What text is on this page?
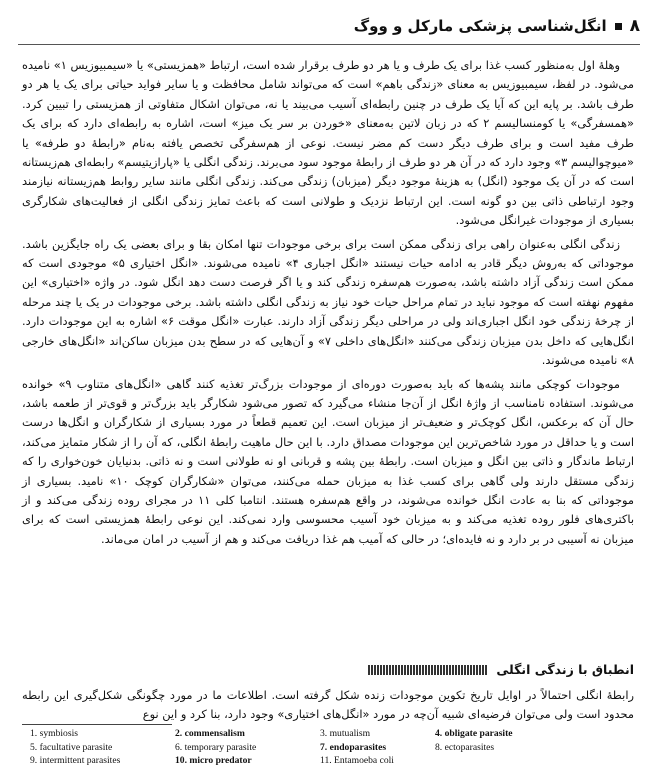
۸
انگل‌شناسی پزشکی مارکل و ووگ

وهلهٔ اول به‌منظور کسب غذا برای یک طرف و یا هر دو طرف برقرار شده است، ارتباط «همزیستی» یا «سیمبیوزیس ۱» نامیده می‌شود. در لفظ، سیمبیوزیس به معنای «زندگی باهم» است که می‌تواند شامل محافظت و یا سایر فواید حیاتی برای یک یا هر دو طرف باشد. بر پایه این که آیا یک طرف در چنین رابطه‌ای آسیب می‌بیند یا نه، می‌توان اشکال متفاوتی از همزیستی را تبیین کرد. «همسفرگی» یا کومنسالیسم ۲ که در زبان لاتین به‌معنای «خوردن بر سر یک میز» است، اشاره به رابطه‌ای دارد که برای یک طرف مفید است و برای طرف دیگر دست کم مضر نیست. نوعی از هم‌سفرگی تخصص یافته به‌نام «رابطهٔ دو طرفه» یا «میوچوالیسم ۳» وجود دارد که در آن هر دو طرف از رابطهٔ موجود سود می‌برند. زندگی انگلی یا «پارازیتیسم» رابطه‌ای هم‌زیستانه است که در آن یک موجود (انگل) به هزینهٔ موجود دیگر (میزبان) زندگی می‌کند. زندگی انگلی مانند سایر روابط هم‌زیستانه نیازمند وجود ارتباطی ذاتی بین دو گونه است. این ارتباط نزدیک و طولانی است که باعث تمایز زندگی انگلی از فعالیت‌های شکارگری بسیاری از موجودات غیرانگل می‌شود.

زندگی انگلی به‌عنوان راهی برای زندگی ممکن است برای برخی موجودات تنها امکان بقا و برای بعضی یک راه جایگزین باشد. موجوداتی که به‌روش دیگر قادر به ادامه حیات نیستند «انگل اجباری ۴» نامیده می‌شوند. «انگل اختیاری ۵» موجودی است که ممکن است زندگی آزاد داشته باشد، به‌صورت هم‌سفره زندگی کند و یا اگر فرصت دست دهد انگل شود. در واژه «اختیاری» این مفهوم نهفته است که موجود نباید در تمام مراحل حیات خود نیاز به زندگی انگلی داشته باشد. برخی موجودات در یک یا چند مرحله از چرخهٔ زندگی خود انگل اجباری‌اند ولی در مراحلی دیگر زندگی آزاد دارند. عبارت «انگل موقت ۶» اشاره به این موجودات دارد. انگل‌هایی که داخل بدن میزبان زندگی می‌کنند «انگل‌های داخلی ۷» و آن‌هایی که در سطح بدن میزبان ساکن‌اند «انگل‌های خارجی ۸» نامیده می‌شوند.

موجودات کوچکی مانند پشه‌ها که باید به‌صورت دوره‌ای از موجودات بزرگ‌تر تغذیه کنند گاهی «انگل‌های متناوب ۹» خوانده می‌شوند. استفاده نامناسب از واژهٔ انگل از آن‌جا منشاء می‌گیرد که تصور می‌شود شکارگر باید بزرگ‌تر و قوی‌تر از طعمه باشد، حال آن که برعکس، انگل کوچک‌تر و ضعیف‌تر از میزبان است. این تعمیم قطعاً در مورد بسیاری از شکارگران و انگل‌ها درست است و یا حداقل در مورد شاخص‌ترین این موجودات مصداق دارد. با این حال ماهیت رابطهٔ انگلی، که آن را از شکار متمایز می‌کند، ارتباط ماندگار و ذاتی بین انگل و میزبان است. رابطهٔ بین پشه و قربانی او نه طولانی است و نه ذاتی. بدنیایان خون‌خواری را که زندگی مستقل دارند ولی گاهی برای کسب غذا به میزبان حمله می‌کنند، می‌توان «شکارگران کوچک ۱۰» نامید. بسیاری از موجوداتی که بنا به عادت انگل خوانده می‌شوند، در واقع هم‌سفره هستند. انتامبا کلی ۱۱ در مجرای روده زندگی می‌کند و از باکتری‌های فلور روده تغذیه می‌کند و به میزبان خود آسیب محسوسی وارد نمی‌کند. این نوعی رابطهٔ همزیستی است که برای میزبان نه آسیبی در بر دارد و نه فایده‌ای؛ در حالی که آمیب هم غذا دریافت می‌کند و هم از آسیب در امان می‌ماند.

انطباق با زندگی انگلی
رابطهٔ انگلی احتمالاً در اوایل تاریخ تکوین موجودات زنده شکل گرفته است. اطلاعات ما در مورد چگونگی شکل‌گیری این رابطه محدود است ولی می‌توان فرضیه‌ای شبیه آن‌چه در مورد «انگل‌های اختیاری» وجود دارد، بنا کرد و این نوع
1. symbiosis	2. commensalism	3. mutualism	4. obligate parasite
5. facultative parasite	6. temporary parasite	7. endoparasites	8. ectoparasites
9. intermittent parasites	10. micro predator	11. Entamoeba coli
